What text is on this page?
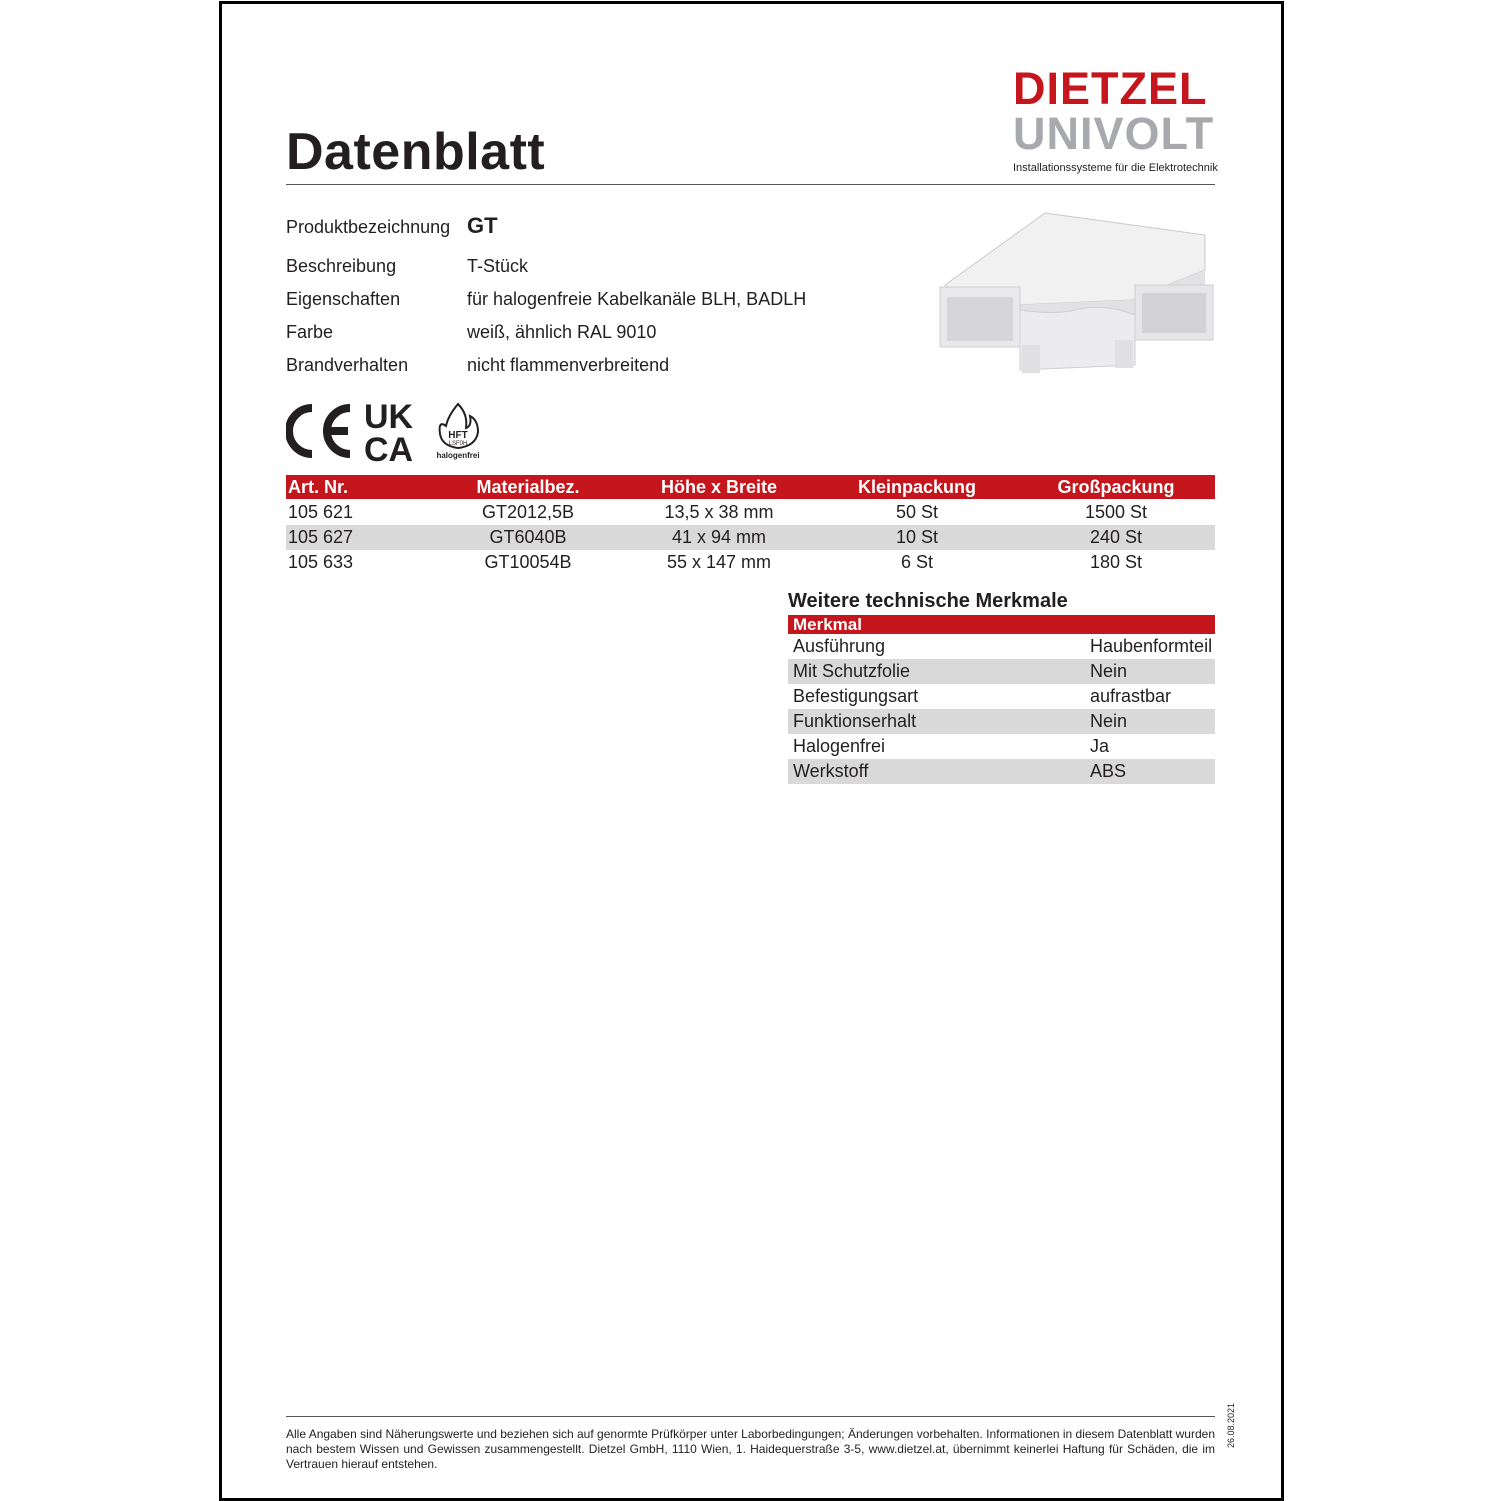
Datenblatt
DIETZEL
UNIVOLT
Installationssysteme für die Elektrotechnik
Produktbezeichnung GT
Beschreibung	T-Stück
Eigenschaften	für halogenfreie Kabelkanäle BLH, BADLH
Farbe	weiß, ähnlich RAL 9010
Brandverhalten	nicht flammenverbreitend
UK
CA	HFT
LSF0H
halogenfrei
Art. Nr.	Materialbez.	Höhe x Breite	Kleinpackung	Großpackung
105 621	GT2012,5B	13,5 x 38 mm	50 St	1500 St
105 627	GT6040B	41 x 94 mm	10 St	240 St
105 633	GT10054B	55 x 147 mm	6 St	180 St
Weitere technische Merkmale
Merkmal
Ausführung	Haubenformteil
Mit Schutzfolie	Nein
Befestigungsart	aufrastbar
Funktionserhalt	Nein
Halogenfrei	Ja
Werkstoff	ABS
Alle Angaben sind Näherungswerte und beziehen sich auf genormte Prüfkörper unter Laborbedingungen; Änderungen vorbehalten. Informationen in diesem Datenblatt wurden nach bestem Wissen und Gewissen zusammengestellt. Dietzel GmbH, 1110 Wien, 1. Haidequerstraße 3-5, www.dietzel.at, übernimmt keinerlei Haftung für Schäden, die im Vertrauen hierauf entstehen.
26.08.2021
